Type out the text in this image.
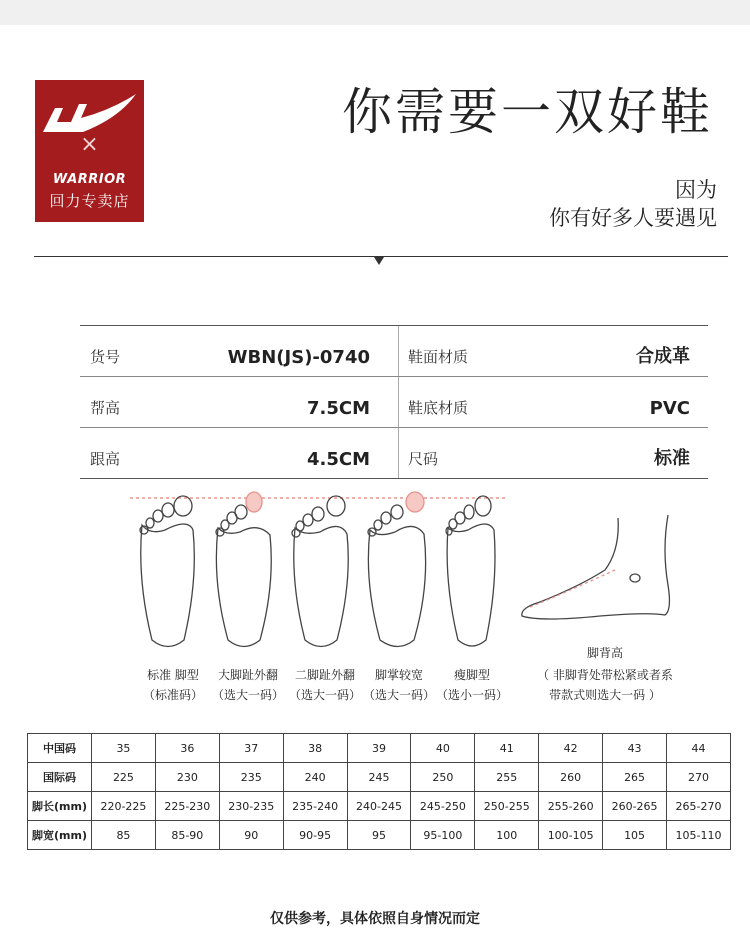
×
WARRIOR
回力专卖店
你需要一双好鞋
因为
你有好多人要遇见
货号	WBN(JS)-0740	鞋面材质	合成革
帮高	7.5CM	鞋底材质	PVC
跟高	4.5CM	尺码	标准
标准 脚型
（标准码）
大脚趾外翻
（选大一码）
二脚趾外翻
（选大一码）
脚掌较宽
（选大一码）
瘦脚型
（选小一码）
脚背高
（ 非脚背处带松紧或者系
带款式则选大一码 ）
中国码	35	36	37	38	39	40	41	42	43	44
国际码	225	230	235	240	245	250	255	260	265	270
脚长(mm)	220-225	225-230	230-235	235-240	240-245	245-250	250-255	255-260	260-265	265-270
脚宽(mm)	85	85-90	90	90-95	95	95-100	100	100-105	105	105-110
仅供参考，具体依照自身情况而定
